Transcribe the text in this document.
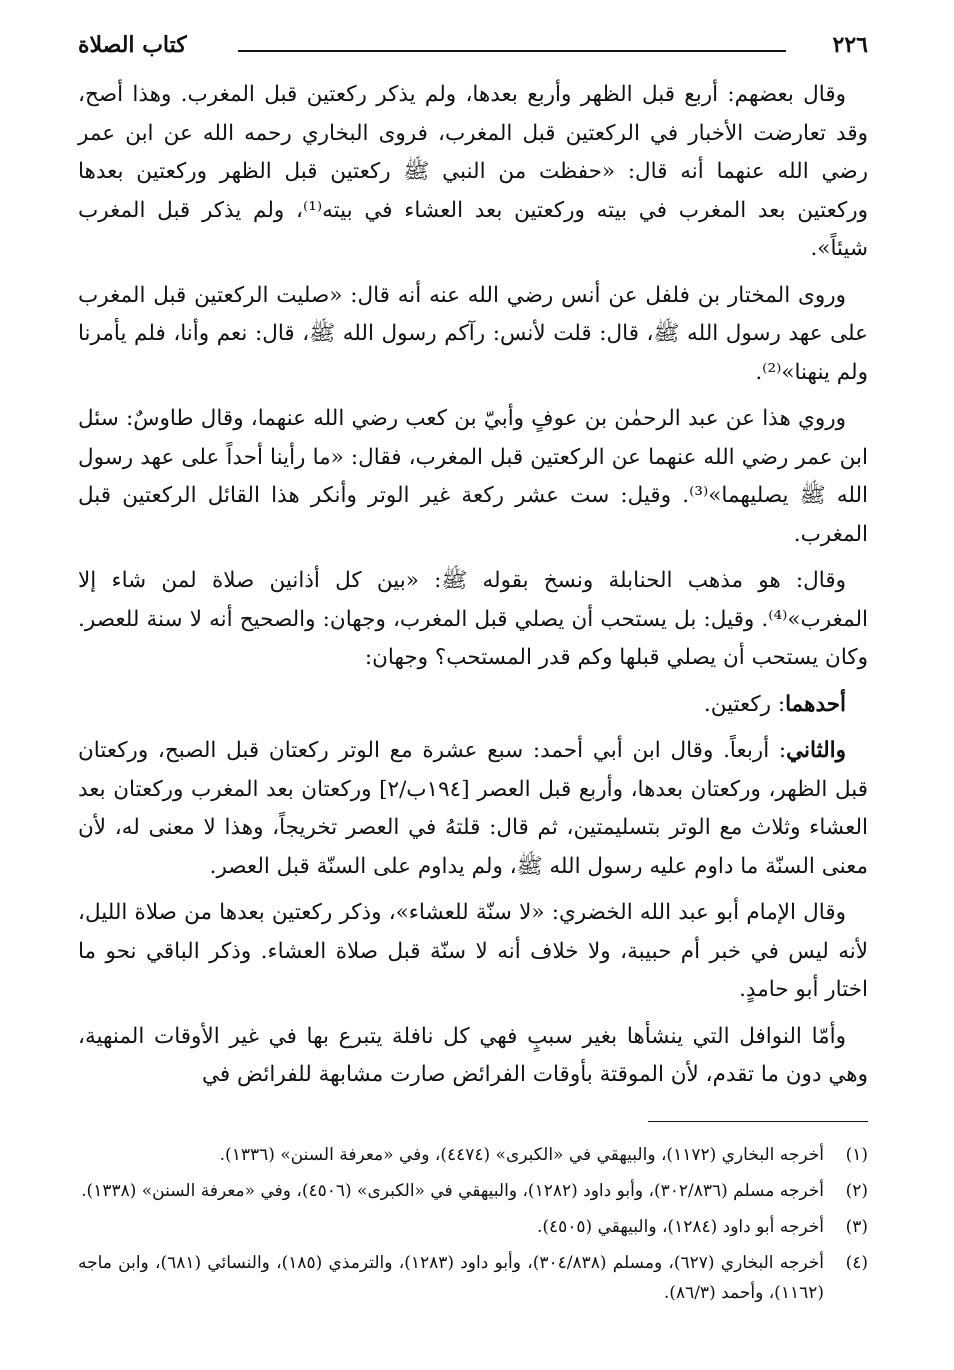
٢٢٦
كتاب الصلاة

وقال بعضهم: أربع قبل الظهر وأربع بعدها، ولم يذكر ركعتين قبل المغرب. وهذا أصح، وقد تعارضت الأخبار في الركعتين قبل المغرب، فروى البخاري رحمه الله عن ابن عمر رضي الله عنهما أنه قال: «حفظت من النبي ﷺ ركعتين قبل الظهر وركعتين بعدها وركعتين بعد المغرب في بيته وركعتين بعد العشاء في بيته⁽¹⁾، ولم يذكر قبل المغرب شيئاً».

وروى المختار بن فلفل عن أنس رضي الله عنه أنه قال: «صليت الركعتين قبل المغرب على عهد رسول الله ﷺ، قال: قلت لأنس: رآكم رسول الله ﷺ، قال: نعم وأنا، فلم يأمرنا ولم ينهنا»⁽²⁾.

وروي هذا عن عبد الرحمٰن بن عوفٍ وأبيّ بن كعب رضي الله عنهما، وقال طاوسٌ: سئل ابن عمر رضي الله عنهما عن الركعتين قبل المغرب، فقال: «ما رأينا أحداً على عهد رسول الله ﷺ يصليهما»⁽³⁾. وقيل: ست عشر ركعة غير الوتر وأنكر هذا القائل الركعتين قبل المغرب.

وقال: هو مذهب الحنابلة ونسخ بقوله ﷺ: «بين كل أذانين صلاة لمن شاء إلا المغرب»⁽⁴⁾. وقيل: بل يستحب أن يصلي قبل المغرب، وجهان: والصحيح أنه لا سنة للعصر. وكان يستحب أن يصلي قبلها وكم قدر المستحب؟ وجهان:

أحدهما: ركعتين.

والثاني: أربعاً. وقال ابن أبي أحمد: سبع عشرة مع الوتر ركعتان قبل الصبح، وركعتان قبل الظهر، وركعتان بعدها، وأربع قبل العصر [١٩٤ب/٢] وركعتان بعد المغرب وركعتان بعد العشاء وثلاث مع الوتر بتسليمتين، ثم قال: قلتهُ في العصر تخريجاً، وهذا لا معنى له، لأن معنى السنّة ما داوم عليه رسول الله ﷺ، ولم يداوم على السنّة قبل العصر.

وقال الإمام أبو عبد الله الخضري: «لا سنّة للعشاء»، وذكر ركعتين بعدها من صلاة الليل، لأنه ليس في خبر أم حبيبة، ولا خلاف أنه لا سنّة قبل صلاة العشاء. وذكر الباقي نحو ما اختار أبو حامدٍ.

وأمّا النوافل التي ينشأها بغير سببٍ فهي كل نافلة يتبرع بها في غير الأوقات المنهية، وهي دون ما تقدم، لأن الموقتة بأوقات الفرائض صارت مشابهة للفرائض في

(١)
أخرجه البخاري (١١٧٢)، والبيهقي في «الكبرى» (٤٤٧٤)، وفي «معرفة السنن» (١٣٣٦).
(٢)
أخرجه مسلم (٣٠٢/٨٣٦)، وأبو داود (١٢٨٢)، والبيهقي في «الكبرى» (٤٥٠٦)، وفي «معرفة السنن» (١٣٣٨).
(٣)
أخرجه أبو داود (١٢٨٤)، والبيهقي (٤٥٠٥).
(٤)
أخرجه البخاري (٦٢٧)، ومسلم (٣٠٤/٨٣٨)، وأبو داود (١٢٨٣)، والترمذي (١٨٥)، والنسائي (٦٨١)، وابن ماجه (١١٦٢)، وأحمد (٨٦/٣).
